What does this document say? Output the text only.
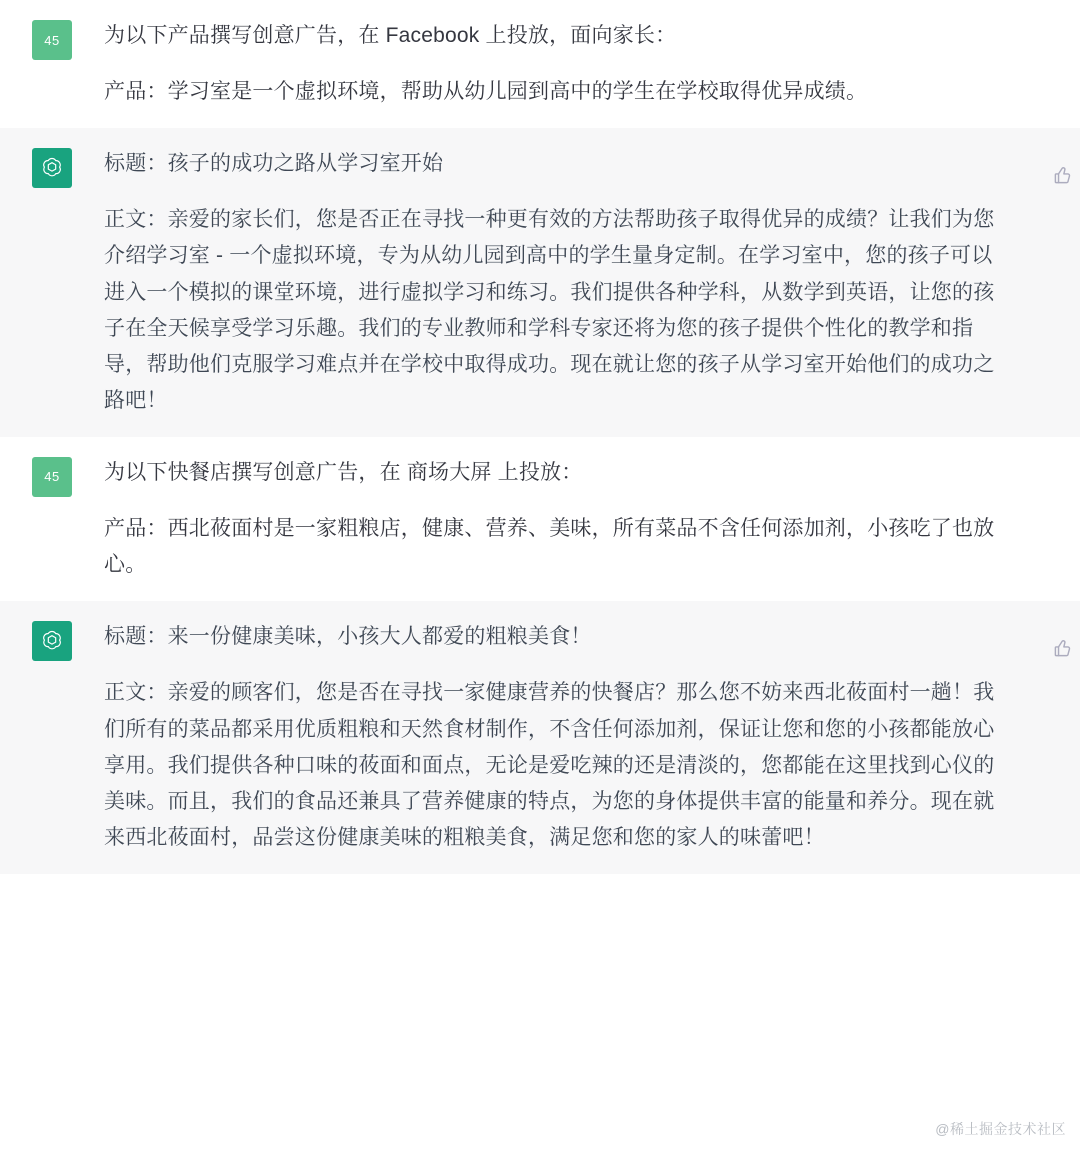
45 为以下产品撰写创意广告，在 Facebook 上投放，面向家长：

产品：学习室是一个虚拟环境，帮助从幼儿园到高中的学生在学校取得优异成绩。

标题：孩子的成功之路从学习室开始

正文：亲爱的家长们，您是否正在寻找一种更有效的方法帮助孩子取得优异的成绩？让我们为您介绍学习室 - 一个虚拟环境，专为从幼儿园到高中的学生量身定制。在学习室中，您的孩子可以进入一个模拟的课堂环境，进行虚拟学习和练习。我们提供各种学科，从数学到英语，让您的孩子在全天候享受学习乐趣。我们的专业教师和学科专家还将为您的孩子提供个性化的教学和指导，帮助他们克服学习难点并在学校中取得成功。现在就让您的孩子从学习室开始他们的成功之路吧！

45 为以下快餐店撰写创意广告，在 商场大屏 上投放：

产品：西北莜面村是一家粗粮店，健康、营养、美味，所有菜品不含任何添加剂，小孩吃了也放心。

标题：来一份健康美味，小孩大人都爱的粗粮美食！

正文：亲爱的顾客们，您是否在寻找一家健康营养的快餐店？那么您不妨来西北莜面村一趟！我们所有的菜品都采用优质粗粮和天然食材制作，不含任何添加剂，保证让您和您的小孩都能放心享用。我们提供各种口味的莜面和面点，无论是爱吃辣的还是清淡的，您都能在这里找到心仪的美味。而且，我们的食品还兼具了营养健康的特点，为您的身体提供丰富的能量和养分。现在就来西北莜面村，品尝这份健康美味的粗粮美食，满足您和您的家人的味蕾吧！

@稀土掘金技术社区
